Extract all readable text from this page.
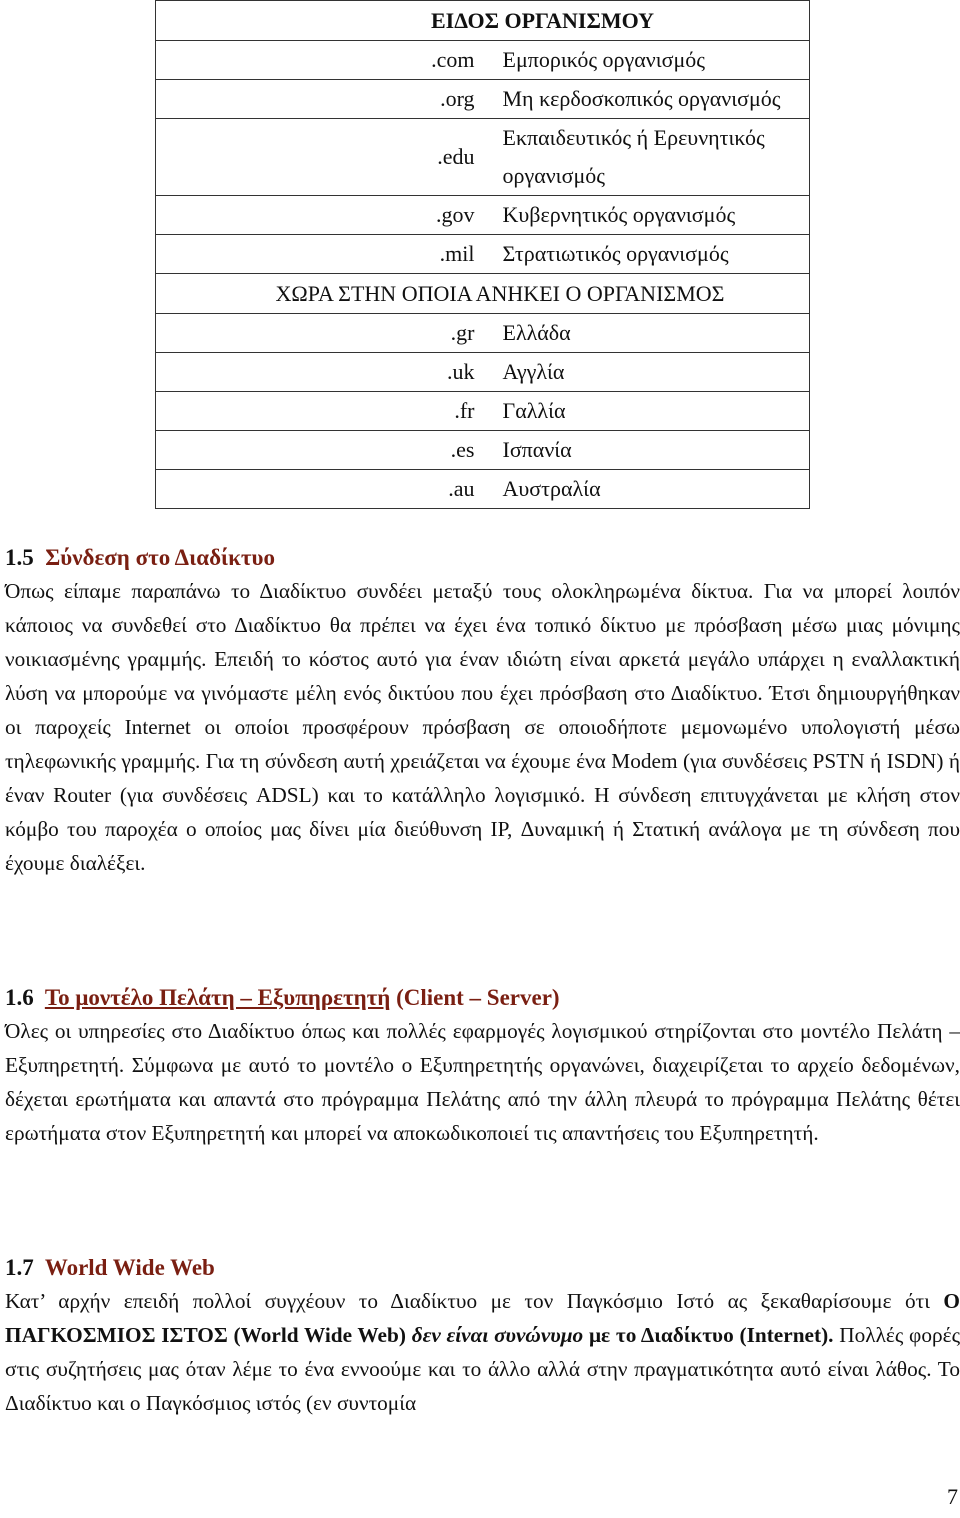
ΕΙΔΟΣ ΟΡΓΑΝΙΣΜΟΥ	
.com	Εμπορικός οργανισμός
.org	Μη κερδοσκοπικός οργανισμός
.edu	Εκπαιδευτικός ή Ερευνητικός οργανισμός
.gov	Κυβερνητικός οργανισμός
.mil	Στρατιωτικός οργανισμός
ΧΩΡΑ ΣΤΗΝ ΟΠΟΙΑ ΑΝΗΚΕΙ Ο ΟΡΓΑΝΙΣΜΟΣ	
.gr	Ελλάδα
.uk	Αγγλία
.fr	Γαλλία
.es	Ισπανία
.au	Αυστραλία
1.5 Σύνδεση στο Διαδίκτυο

Όπως είπαμε παραπάνω το Διαδίκτυο συνδέει μεταξύ τους ολοκληρωμένα δίκτυα. Για να μπορεί λοιπόν κάποιος να συνδεθεί στο Διαδίκτυο θα πρέπει να έχει ένα τοπικό δίκτυο με πρόσβαση μέσω μιας μόνιμης νοικιασμένης γραμμής. Επειδή το κόστος αυτό για έναν ιδιώτη είναι αρκετά μεγάλο υπάρχει η εναλλακτική λύση να μπορούμε να γινόμαστε μέλη ενός δικτύου που έχει πρόσβαση στο Διαδίκτυο. Έτσι δημιουργήθηκαν οι παροχείς Internet οι οποίοι προσφέρουν πρόσβαση σε οποιοδήποτε μεμονωμένο υπολογιστή μέσω τηλεφωνικής γραμμής. Για τη σύνδεση αυτή χρειάζεται να έχουμε ένα Modem (για συνδέσεις PSTN ή ISDN) ή έναν Router (για συνδέσεις ADSL) και το κατάλληλο λογισμικό. Η σύνδεση επιτυγχάνεται με κλήση στον κόμβο του παροχέα ο οποίος μας δίνει μία διεύθυνση IP, Δυναμική ή Στατική ανάλογα με τη σύνδεση που έχουμε διαλέξει.

1.6 Το μοντέλο Πελάτη – Εξυπηρετητή (Client – Server)

Όλες οι υπηρεσίες στο Διαδίκτυο όπως και πολλές εφαρμογές λογισμικού στηρίζονται στο μοντέλο Πελάτη – Εξυπηρετητή. Σύμφωνα με αυτό το μοντέλο ο Εξυπηρετητής οργανώνει, διαχειρίζεται το αρχείο δεδομένων, δέχεται ερωτήματα και απαντά στο πρόγραμμα Πελάτης από την άλλη πλευρά το πρόγραμμα Πελάτης θέτει ερωτήματα στον Εξυπηρετητή και μπορεί να αποκωδικοποιεί τις απαντήσεις του Εξυπηρετητή.

1.7 World Wide Web

Κατ’ αρχήν επειδή πολλοί συγχέουν το Διαδίκτυο με τον Παγκόσμιο Ιστό ας ξεκαθαρίσουμε ότι Ο ΠΑΓΚΟΣΜΙΟΣ ΙΣΤΟΣ (World Wide Web) δεν είναι συνώνυμο με το Διαδίκτυο (Internet). Πολλές φορές στις συζητήσεις μας όταν λέμε το ένα εννοούμε και το άλλο αλλά στην πραγματικότητα αυτό είναι λάθος. Το Διαδίκτυο και ο Παγκόσμιος ιστός (εν συντομία

7
